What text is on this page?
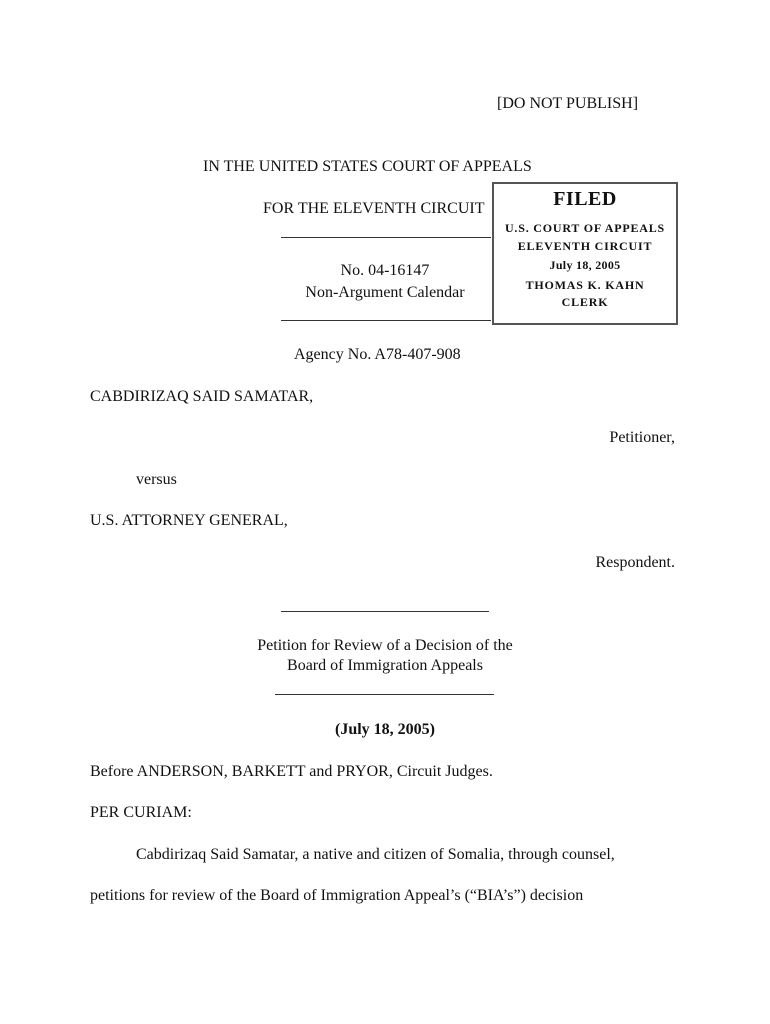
[DO NOT PUBLISH]
IN THE UNITED STATES COURT OF APPEALS
FOR THE ELEVENTH CIRCUIT	FILED
U.S. COURT OF APPEALS
ELEVENTH CIRCUIT
July 18, 2005
THOMAS K. KAHN
CLERK
No. 04-16147
Non-Argument Calendar
Agency No. A78-407-908
CABDIRIZAQ SAID SAMATAR,
Petitioner,
versus
U.S. ATTORNEY GENERAL,
Respondent.
Petition for Review of a Decision of the
Board of Immigration Appeals
(July 18, 2005)
Before ANDERSON, BARKETT and PRYOR, Circuit Judges.
PER CURIAM:
Cabdirizaq Said Samatar, a native and citizen of Somalia, through counsel,
petitions for review of the Board of Immigration Appeal’s (“BIA’s”) decision
